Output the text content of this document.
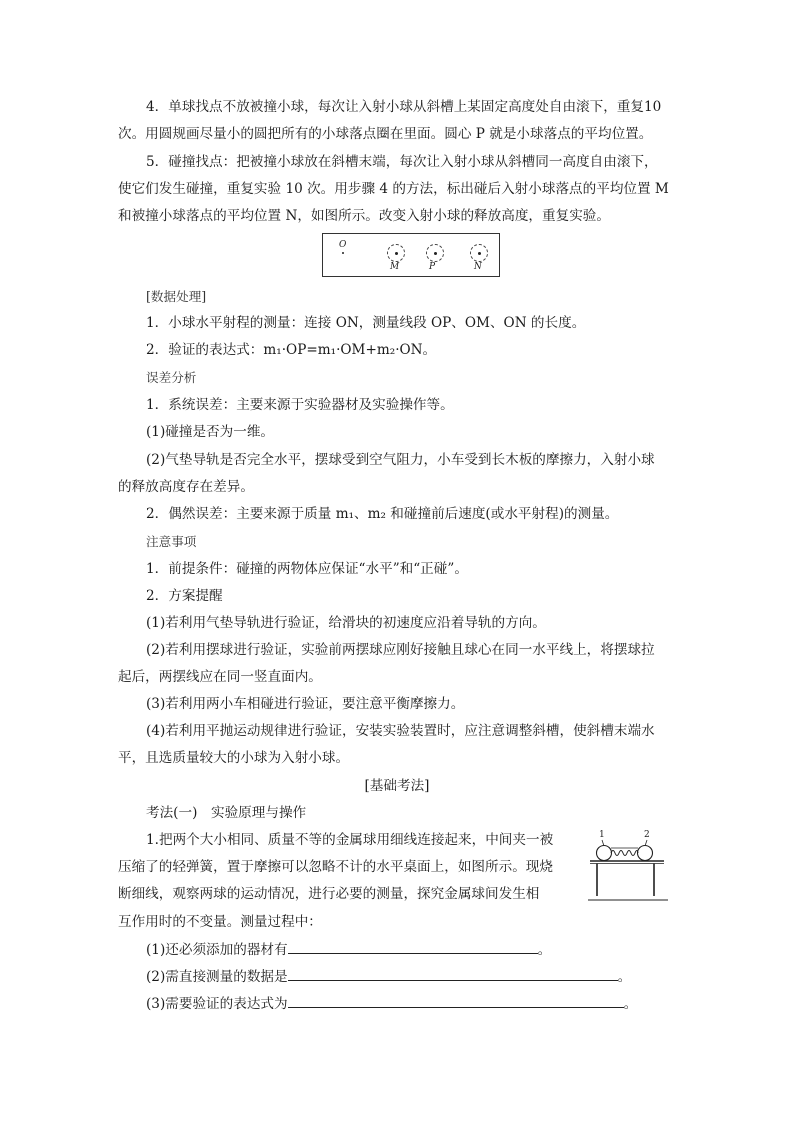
4．单球找点不放被撞小球，每次让入射小球从斜槽上某固定高度处自由滚下，重复10
次。用圆规画尽量小的圆把所有的小球落点圈在里面。圆心 P 就是小球落点的平均位置。
5．碰撞找点：把被撞小球放在斜槽末端，每次让入射小球从斜槽同一高度自由滚下，
使它们发生碰撞，重复实验 10 次。用步骤 4 的方法，标出碰后入射小球落点的平均位置 M
和被撞小球落点的平均位置 N，如图所示。改变入射小球的释放高度，重复实验。
O
M	P	N
[数据处理]
1．小球水平射程的测量：连接 ON，测量线段 OP、OM、ON 的长度。
2．验证的表达式：m₁·OP=m₁·OM+m₂·ON。
误差分析
1．系统误差：主要来源于实验器材及实验操作等。
(1)碰撞是否为一维。
(2)气垫导轨是否完全水平，摆球受到空气阻力，小车受到长木板的摩擦力，入射小球
的释放高度存在差异。
2．偶然误差：主要来源于质量 m₁、m₂ 和碰撞前后速度(或水平射程)的测量。
注意事项
1．前提条件：碰撞的两物体应保证“水平”和“正碰”。
2．方案提醒
(1)若利用气垫导轨进行验证，给滑块的初速度应沿着导轨的方向。
(2)若利用摆球进行验证，实验前两摆球应刚好接触且球心在同一水平线上，将摆球拉
起后，两摆线应在同一竖直面内。
(3)若利用两小车相碰进行验证，要注意平衡摩擦力。
(4)若利用平抛运动规律进行验证，安装实验装置时，应注意调整斜槽，使斜槽末端水
平，且选质量较大的小球为入射小球。
[基础考法]
考法(一)　实验原理与操作
1.把两个大小相同、质量不等的金属球用细线连接起来，中间夹一被
压缩了的轻弹簧，置于摩擦可以忽略不计的水平桌面上，如图所示。现烧
断细线，观察两球的运动情况，进行必要的测量，探究金属球间发生相
互作用时的不变量。测量过程中：
1	2
(1)还必须添加的器材有	。
(2)需直接测量的数据是	。
(3)需要验证的表达式为	。
